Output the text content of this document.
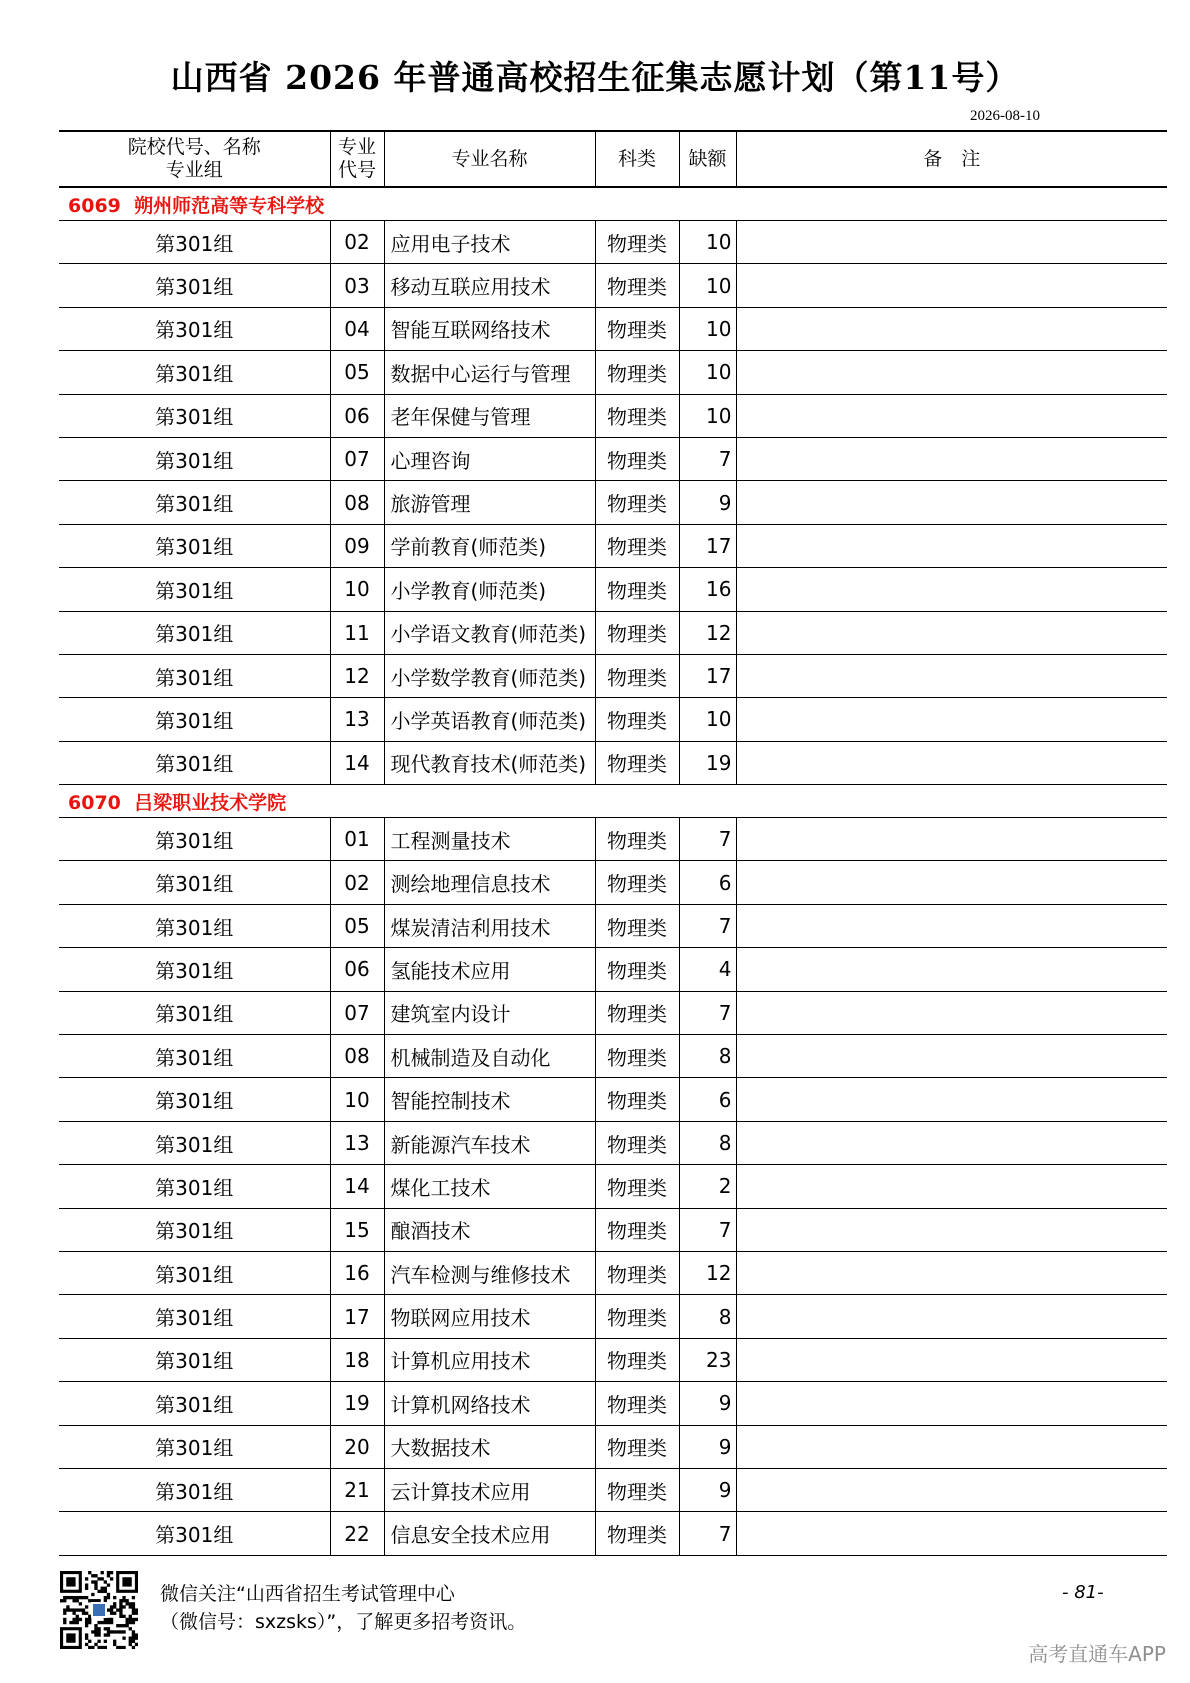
山西省 2026 年普通高校招生征集志愿计划（第11号）
2026-08-10
院校代号、名称
专业组	专业
代号	专业名称	科类	缺额	备　注
6069  朔州师范高等专科学校					
第301组	02	应用电子技术	物理类	10	
第301组	03	移动互联应用技术	物理类	10	
第301组	04	智能互联网络技术	物理类	10	
第301组	05	数据中心运行与管理	物理类	10	
第301组	06	老年保健与管理	物理类	10	
第301组	07	心理咨询	物理类	7	
第301组	08	旅游管理	物理类	9	
第301组	09	学前教育(师范类)	物理类	17	
第301组	10	小学教育(师范类)	物理类	16	
第301组	11	小学语文教育(师范类)	物理类	12	
第301组	12	小学数学教育(师范类)	物理类	17	
第301组	13	小学英语教育(师范类)	物理类	10	
第301组	14	现代教育技术(师范类)	物理类	19	
6070  吕梁职业技术学院					
第301组	01	工程测量技术	物理类	7	
第301组	02	测绘地理信息技术	物理类	6	
第301组	05	煤炭清洁利用技术	物理类	7	
第301组	06	氢能技术应用	物理类	4	
第301组	07	建筑室内设计	物理类	7	
第301组	08	机械制造及自动化	物理类	8	
第301组	10	智能控制技术	物理类	6	
第301组	13	新能源汽车技术	物理类	8	
第301组	14	煤化工技术	物理类	2	
第301组	15	酿酒技术	物理类	7	
第301组	16	汽车检测与维修技术	物理类	12	
第301组	17	物联网应用技术	物理类	8	
第301组	18	计算机应用技术	物理类	23	
第301组	19	计算机网络技术	物理类	9	
第301组	20	大数据技术	物理类	9	
第301组	21	云计算技术应用	物理类	9	
第301组	22	信息安全技术应用	物理类	7	
微信关注“山西省招生考试管理中心
（微信号：sxzsks）”，了解更多招考资讯。
- 81-
高考直通车APP
